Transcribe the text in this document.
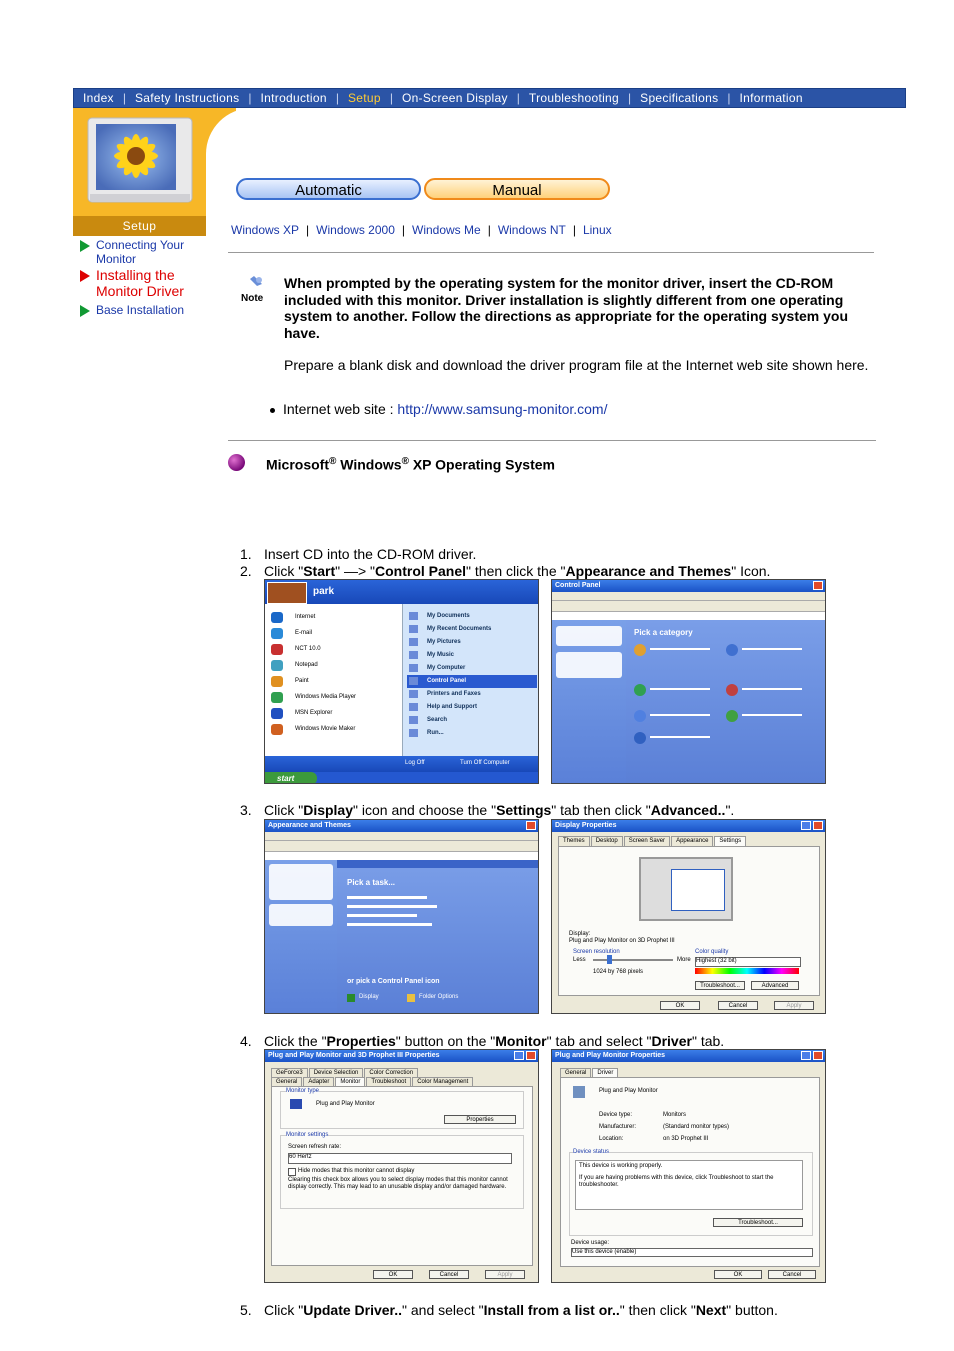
Index | Safety Instructions | Introduction | Setup | On-Screen Display | Troubleshooting | Specifications | Information
Setup
Connecting Your Monitor
Installing the Monitor Driver
Base Installation
Automatic	Manual
Windows XP | Windows 2000 | Windows Me | Windows NT | Linux
Note
When prompted by the operating system for the monitor driver, insert the CD-ROM included with this monitor. Driver installation is slightly different from one operating system to another. Follow the directions as appropriate for the operating system you have.
Prepare a blank disk and download the driver program file at the Internet web site shown here.
Internet web site : http://www.samsung-monitor.com/
Microsoft® Windows® XP Operating System
1. Insert CD into the CD-ROM driver.
2. Click "Start" —> "Control Panel" then click the "Appearance and Themes" Icon.
3. Click "Display" icon and choose the "Settings" tab then click "Advanced..".
4. Click the "Properties" button on the "Monitor" tab and select "Driver" tab.
5. Click "Update Driver.." and select "Install from a list or.." then click "Next" button.
park
Internet
E-mail
NCT 10.0
Notepad
Paint
Windows Media Player
MSN Explorer
Windows Movie Maker
My Documents
My Recent Documents
My Pictures
My Music
My Computer
Control Panel
Printers and Faxes
Help and Support
Search
Run...
Log Off	Turn Off Computer
start
Control Panel
Pick a category
Appearance and Themes
Pick a task...
or pick a Control Panel icon
Display	Folder Options
Display Properties
Themes	Desktop	Screen Saver	Appearance	Settings
Display:
Plug and Play Monitor on 3D Prophet III
Screen resolution
Less	More
1024 by 768 pixels
Color quality
Highest (32 bit)
Troubleshoot...	Advanced
OK	Cancel	Apply
Plug and Play Monitor and 3D Prophet III Properties
GeForce3	Device Selection	Color Correction
General	Adapter	Monitor	Troubleshoot	Color Management
Monitor type
Plug and Play Monitor
Properties
Monitor settings
Screen refresh rate:
60 Hertz
Hide modes that this monitor cannot display
Clearing this check box allows you to select display modes that this monitor cannot display correctly. This may lead to an unusable display and/or damaged hardware.
OK	Cancel	Apply
Plug and Play Monitor Properties
General	Driver
Plug and Play Monitor
Device type:	Monitors
Manufacturer:	(Standard monitor types)
Location:	on 3D Prophet III
Device status
This device is working properly.
If you are having problems with this device, click Troubleshoot to start the troubleshooter.
Troubleshoot...
Device usage:
Use this device (enable)
OK	Cancel
